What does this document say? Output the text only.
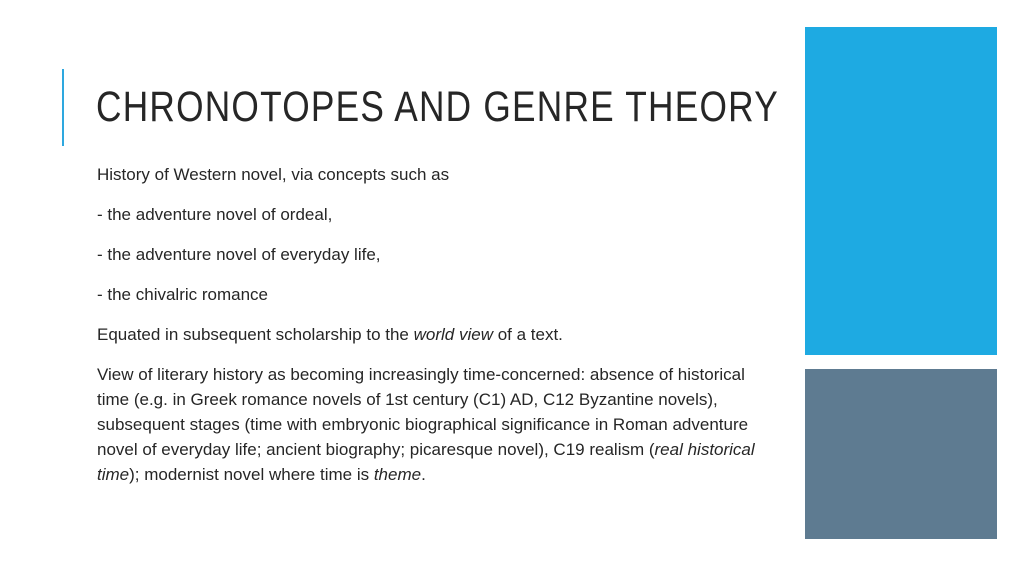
CHRONOTOPES AND GENRE THEORY

History of Western novel, via concepts such as

- the adventure novel of ordeal,

- the adventure novel of everyday life,

- the chivalric romance

Equated in subsequent scholarship to the world view of a text.

View of literary history as becoming increasingly time-concerned: absence of historical time (e.g. in Greek romance novels of 1st century (C1) AD, C12 Byzantine novels), subsequent stages (time with embryonic biographical significance in Roman adventure novel of everyday life; ancient biography; picaresque novel), C19 realism (real historical time); modernist novel where time is theme.
